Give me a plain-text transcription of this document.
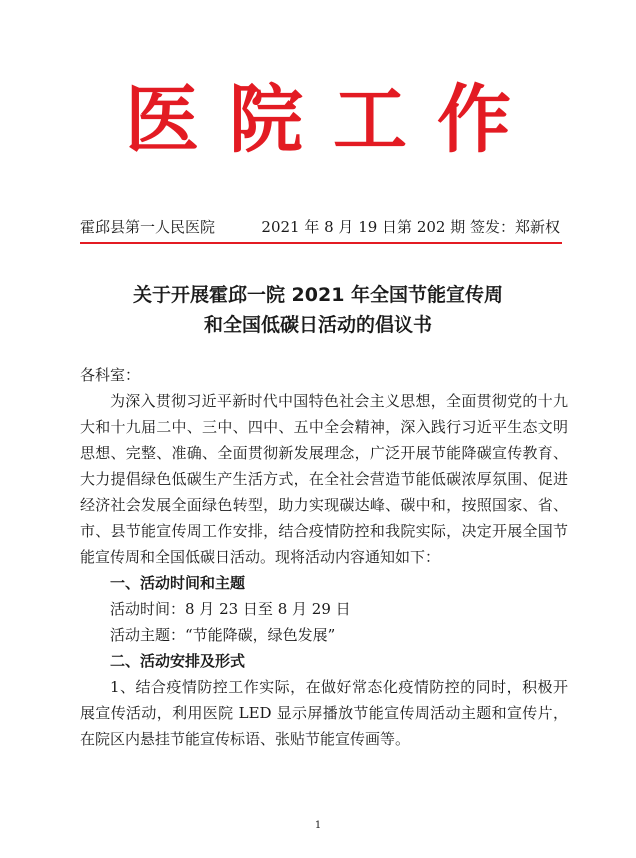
医院工作
霍邱县第一人民医院	2021 年 8 月 19 日第 202 期 签发：郑新权
关于开展霍邱一院 2021 年全国节能宣传周
和全国低碳日活动的倡议书

各科室：

为深入贯彻习近平新时代中国特色社会主义思想，全面贯彻党的十九大和十九届二中、三中、四中、五中全会精神，深入践行习近平生态文明思想、完整、准确、全面贯彻新发展理念，广泛开展节能降碳宣传教育、大力提倡绿色低碳生产生活方式，在全社会营造节能低碳浓厚氛围、促进经济社会发展全面绿色转型，助力实现碳达峰、碳中和，按照国家、省、市、县节能宣传周工作安排，结合疫情防控和我院实际，决定开展全国节能宣传周和全国低碳日活动。现将活动内容通知如下：

一、活动时间和主题

活动时间：8 月 23 日至 8 月 29 日

活动主题：“节能降碳，绿色发展”

二、活动安排及形式

1、结合疫情防控工作实际，在做好常态化疫情防控的同时，积极开展宣传活动，利用医院 LED 显示屏播放节能宣传周活动主题和宣传片，在院区内悬挂节能宣传标语、张贴节能宣传画等。

1
